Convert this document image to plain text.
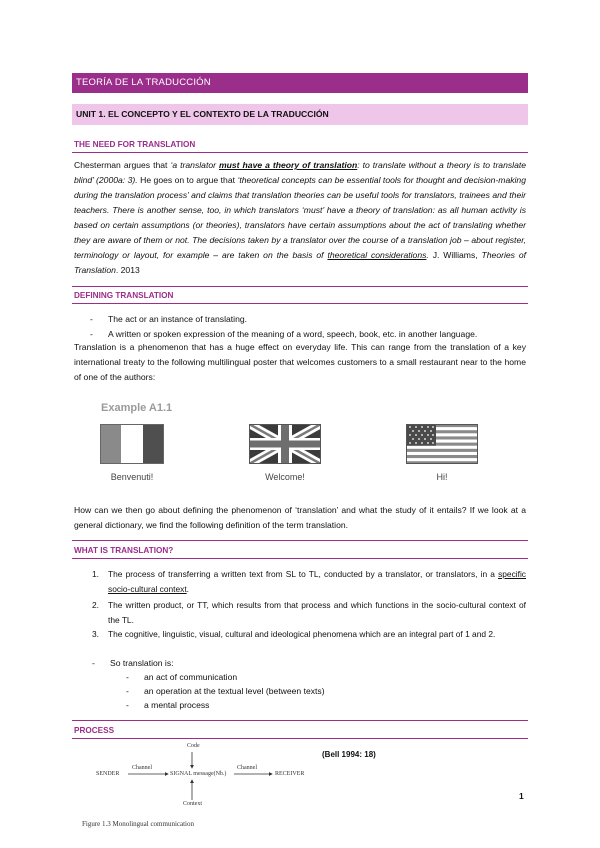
TEORÍA DE LA TRADUCCIÓN
UNIT 1. EL CONCEPTO Y EL CONTEXTO DE LA TRADUCCIÓN
THE NEED FOR TRANSLATION

Chesterman argues that ‘a translator must have a theory of translation: to translate without a theory is to translate blind’ (2000a: 3). He goes on to argue that ‘theoretical concepts can be essential tools for thought and decision-making during the translation process’ and claims that translation theories can be useful tools for translators, trainees and their teachers. There is another sense, too, in which translators ‘must’ have a theory of translation: as all human activity is based on certain assumptions (or theories), translators have certain assumptions about the act of translating whether they are aware of them or not. The decisions taken by a translator over the course of a translation job – about register, terminology or layout, for example – are taken on the basis of theoretical considerations. J. Williams, Theories of Translation. 2013

DEFINING TRANSLATION
- The act or an instance of translating.
- A written or spoken expression of the meaning of a word, speech, book, etc. in another language.

Translation is a phenomenon that has a huge effect on everyday life. This can range from the translation of a key international treaty to the following multilingual poster that welcomes customers to a small restaurant near to the home of one of the authors:

Example A1.1
Benvenuti!	Welcome!	Hi!

How can we then go about defining the phenomenon of ‘translation’ and what the study of it entails? If we look at a general dictionary, we find the following definition of the term translation.

WHAT IS TRANSLATION?
1. The process of transferring a written text from SL to TL, conducted by a translator, or translators, in a specific socio-cultural context.
2. The written product, or TT, which results from that process and which functions in the socio-cultural context of the TL.
3. The cognitive, linguistic, visual, cultural and ideological phenomena which are an integral part of 1 and 2.
- So translation is:
- an act of communication
- an operation at the textual level (between texts)
- a mental process
PROCESS
(Bell 1994: 18)
Code
SENDER
Channel
SIGNAL message(Nb.)
Channel
RECEIVER
Context
Figure 1.3 Monolingual communication
1
